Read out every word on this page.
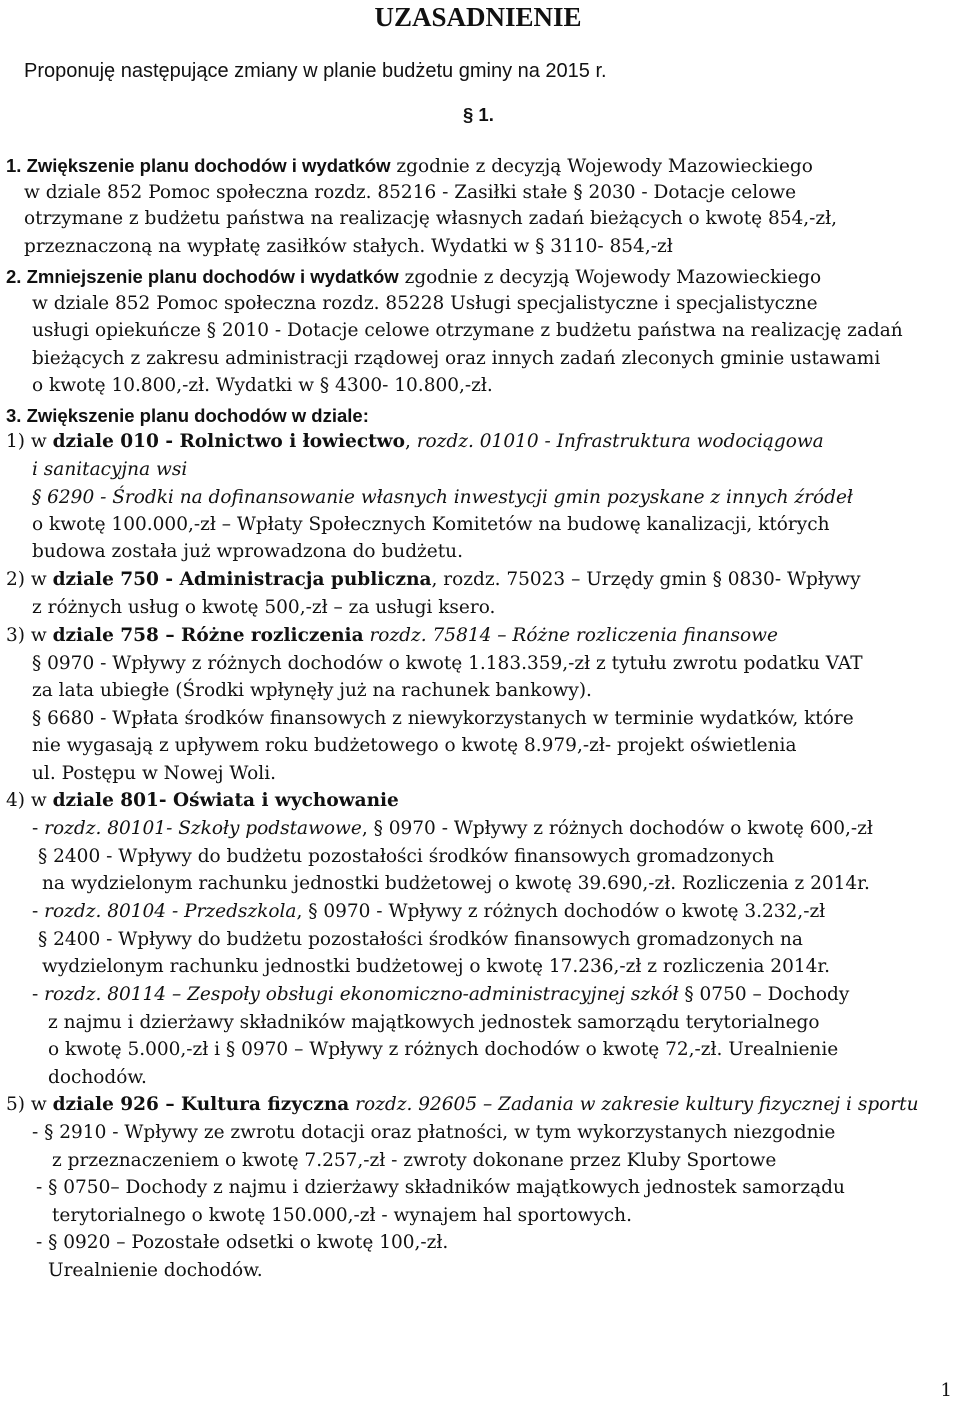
UZASADNIENIE
Proponuję następujące zmiany w planie budżetu gminy na 2015 r.
§ 1.
1. Zwiększenie planu dochodów i wydatków zgodnie z decyzją Wojewody Mazowieckiego
w dziale 852 Pomoc społeczna rozdz. 85216 - Zasiłki stałe § 2030 - Dotacje celowe
otrzymane z budżetu państwa na realizację własnych zadań bieżących o kwotę 854,-zł,
przeznaczoną na wypłatę zasiłków stałych. Wydatki w § 3110- 854,-zł
2. Zmniejszenie planu dochodów i wydatków zgodnie z decyzją Wojewody Mazowieckiego
w dziale 852 Pomoc społeczna rozdz. 85228 Usługi specjalistyczne i specjalistyczne
usługi opiekuńcze § 2010 - Dotacje celowe otrzymane z budżetu państwa na realizację zadań
bieżących z zakresu administracji rządowej oraz innych zadań zleconych gminie ustawami
o kwotę 10.800,-zł. Wydatki w § 4300- 10.800,-zł.
3. Zwiększenie planu dochodów w dziale:
1) w dziale 010 - Rolnictwo i łowiectwo, rozdz. 01010 - Infrastruktura wodociągowa
i sanitacyjna wsi
§ 6290 - Środki na dofinansowanie własnych inwestycji gmin pozyskane z innych źródeł
o kwotę 100.000,-zł – Wpłaty Społecznych Komitetów na budowę kanalizacji, których
budowa została już wprowadzona do budżetu.
2) w dziale 750 - Administracja publiczna, rozdz. 75023 – Urzędy gmin § 0830- Wpływy
z różnych usług o kwotę 500,-zł – za usługi ksero.
3) w dziale 758 – Różne rozliczenia rozdz. 75814 – Różne rozliczenia finansowe
§ 0970 - Wpływy z różnych dochodów o kwotę 1.183.359,-zł z tytułu zwrotu podatku VAT
za lata ubiegłe (Środki wpłynęły już na rachunek bankowy).
§ 6680 - Wpłata środków finansowych z niewykorzystanych w terminie wydatków, które
nie wygasają z upływem roku budżetowego o kwotę 8.979,-zł- projekt oświetlenia
ul. Postępu w Nowej Woli.
4) w dziale 801- Oświata i wychowanie
- rozdz. 80101- Szkoły podstawowe, § 0970 - Wpływy z różnych dochodów o kwotę 600,-zł
§ 2400 - Wpływy do budżetu pozostałości środków finansowych gromadzonych
na wydzielonym rachunku jednostki budżetowej o kwotę 39.690,-zł. Rozliczenia z 2014r.
- rozdz. 80104 - Przedszkola, § 0970 - Wpływy z różnych dochodów o kwotę 3.232,-zł
§ 2400 - Wpływy do budżetu pozostałości środków finansowych gromadzonych na
wydzielonym rachunku jednostki budżetowej o kwotę 17.236,-zł z rozliczenia 2014r.
- rozdz. 80114 – Zespoły obsługi ekonomiczno-administracyjnej szkół § 0750 – Dochody
z najmu i dzierżawy składników majątkowych jednostek samorządu terytorialnego
o kwotę 5.000,-zł i § 0970 – Wpływy z różnych dochodów o kwotę 72,-zł. Urealnienie
dochodów.
5) w dziale 926 – Kultura fizyczna rozdz. 92605 – Zadania w zakresie kultury fizycznej i sportu
- § 2910 - Wpływy ze zwrotu dotacji oraz płatności, w tym wykorzystanych niezgodnie
z przeznaczeniem o kwotę 7.257,-zł - zwroty dokonane przez Kluby Sportowe
- § 0750– Dochody z najmu i dzierżawy składników majątkowych jednostek samorządu
terytorialnego o kwotę 150.000,-zł - wynajem hal sportowych.
- § 0920 – Pozostałe odsetki o kwotę 100,-zł.
Urealnienie dochodów.
1
